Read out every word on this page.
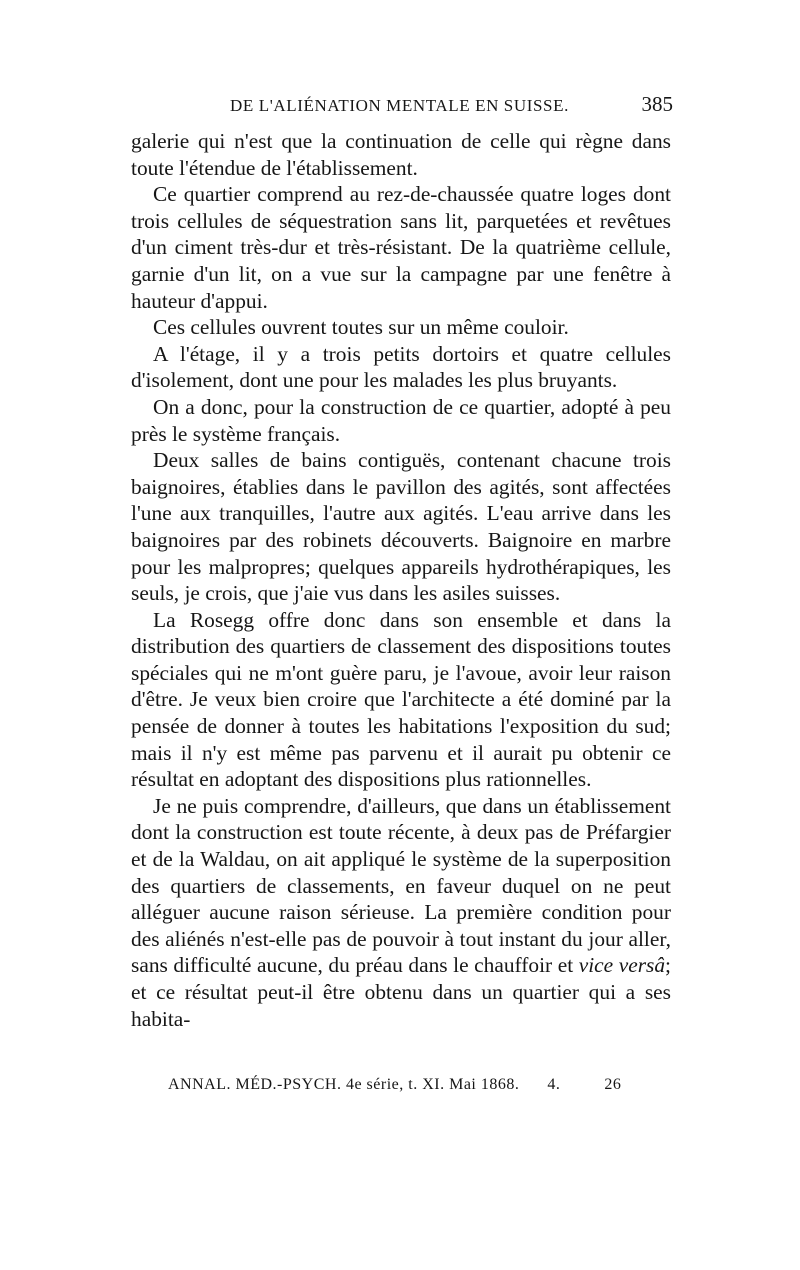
DE L'ALIÉNATION MENTALE EN SUISSE.	385

galerie qui n'est que la continuation de celle qui règne dans toute l'étendue de l'établissement.

Ce quartier comprend au rez-de-chaussée quatre loges dont trois cellules de séquestration sans lit, parquetées et revêtues d'un ciment très-dur et très-résistant. De la quatrième cellule, garnie d'un lit, on a vue sur la campagne par une fenêtre à hauteur d'appui.

Ces cellules ouvrent toutes sur un même couloir.

A l'étage, il y a trois petits dortoirs et quatre cellules d'isolement, dont une pour les malades les plus bruyants.

On a donc, pour la construction de ce quartier, adopté à peu près le système français.

Deux salles de bains contiguës, contenant chacune trois baignoires, établies dans le pavillon des agités, sont affectées l'une aux tranquilles, l'autre aux agités. L'eau arrive dans les baignoires par des robinets découverts. Baignoire en marbre pour les malpropres; quelques appareils hydrothérapiques, les seuls, je crois, que j'aie vus dans les asiles suisses.

La Rosegg offre donc dans son ensemble et dans la distribution des quartiers de classement des dispositions toutes spéciales qui ne m'ont guère paru, je l'avoue, avoir leur raison d'être. Je veux bien croire que l'architecte a été dominé par la pensée de donner à toutes les habitations l'exposition du sud; mais il n'y est même pas parvenu et il aurait pu obtenir ce résultat en adoptant des dispositions plus rationnelles.

Je ne puis comprendre, d'ailleurs, que dans un établissement dont la construction est toute récente, à deux pas de Préfargier et de la Waldau, on ait appliqué le système de la superposition des quartiers de classements, en faveur duquel on ne peut alléguer aucune raison sérieuse. La première condition pour des aliénés n'est-elle pas de pouvoir à tout instant du jour aller, sans difficulté aucune, du préau dans le chauffoir et vice versâ; et ce résultat peut-il être obtenu dans un quartier qui a ses habita-

ANNAL. MÉD.-PSYCH. 4e série, t. XI. Mai 1868. 4.	26
